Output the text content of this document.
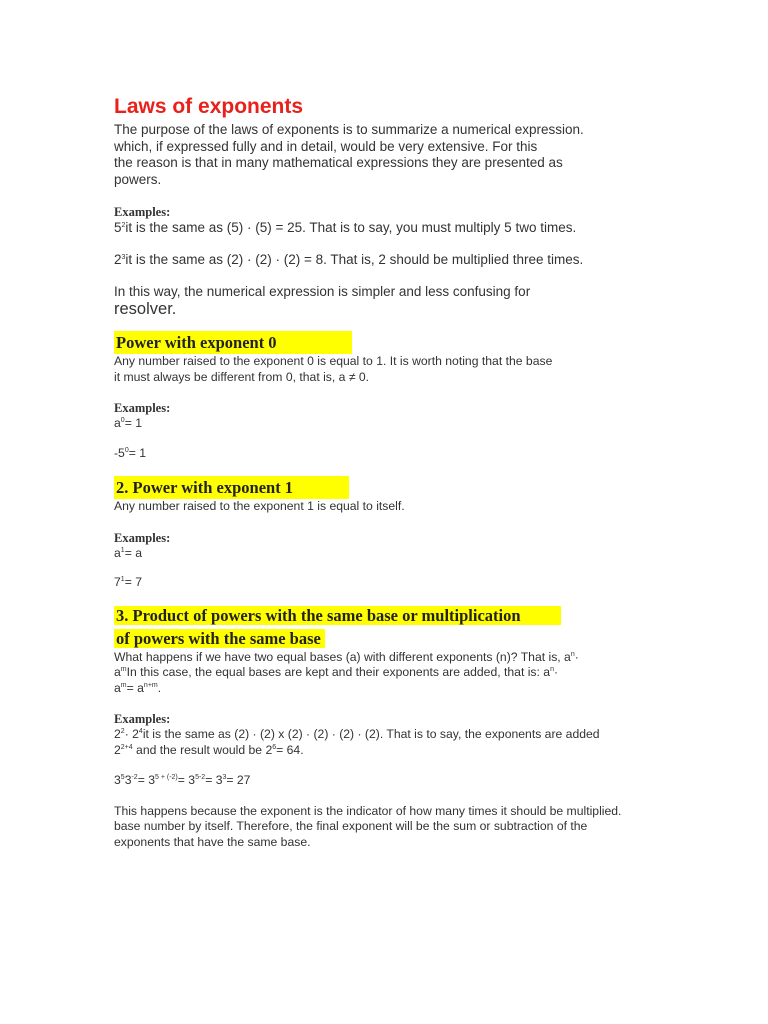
Laws of exponents

The purpose of the laws of exponents is to summarize a numerical expression.
which, if expressed fully and in detail, would be very extensive. For this
the reason is that in many mathematical expressions they are presented as
powers.

Examples:

$5^2it$ is the same as (5) · (5) = 25. That is to say, you must multiply 5 two times.

$2^3it$ is the same as (2) · (2) · (2) = 8. That is, 2 should be multiplied three times.

In this way, the numerical expression is simpler and less confusing for
resolver.

Power with exponent 0

Any number raised to the exponent 0 is equal to 1. It is worth noting that the base
it must always be different from 0, that is, a ≠ 0.

Examples:

$a^0= 1$

$-5^0= 1$

2. Power with exponent 1

Any number raised to the exponent 1 is equal to itself.

Examples:

$a^1= a$

$7^1= 7$

3. Product of powers with the same base or multiplication
of powers with the same base

What happens if we have two equal bases (a) with different exponents (n)? That is, $a^n\cdot$
$a^mIn$ this case, the equal bases are kept and their exponents are added, that is: $a^n\cdot$
$a^m= a^{n+m}$.

Examples:

$2^2\cdot 2^4it$ is the same as (2) · (2) x (2) · (2) · (2) · (2). That is to say, the exponents are added
$2^{2+4}$ and the result would be $2^6= 64$.

$3^53^{-2}= 3^{5 + (-2)}= 3^{5-2}= 3^3= 27$

This happens because the exponent is the indicator of how many times it should be multiplied.
base number by itself. Therefore, the final exponent will be the sum or subtraction of the
exponents that have the same base.
